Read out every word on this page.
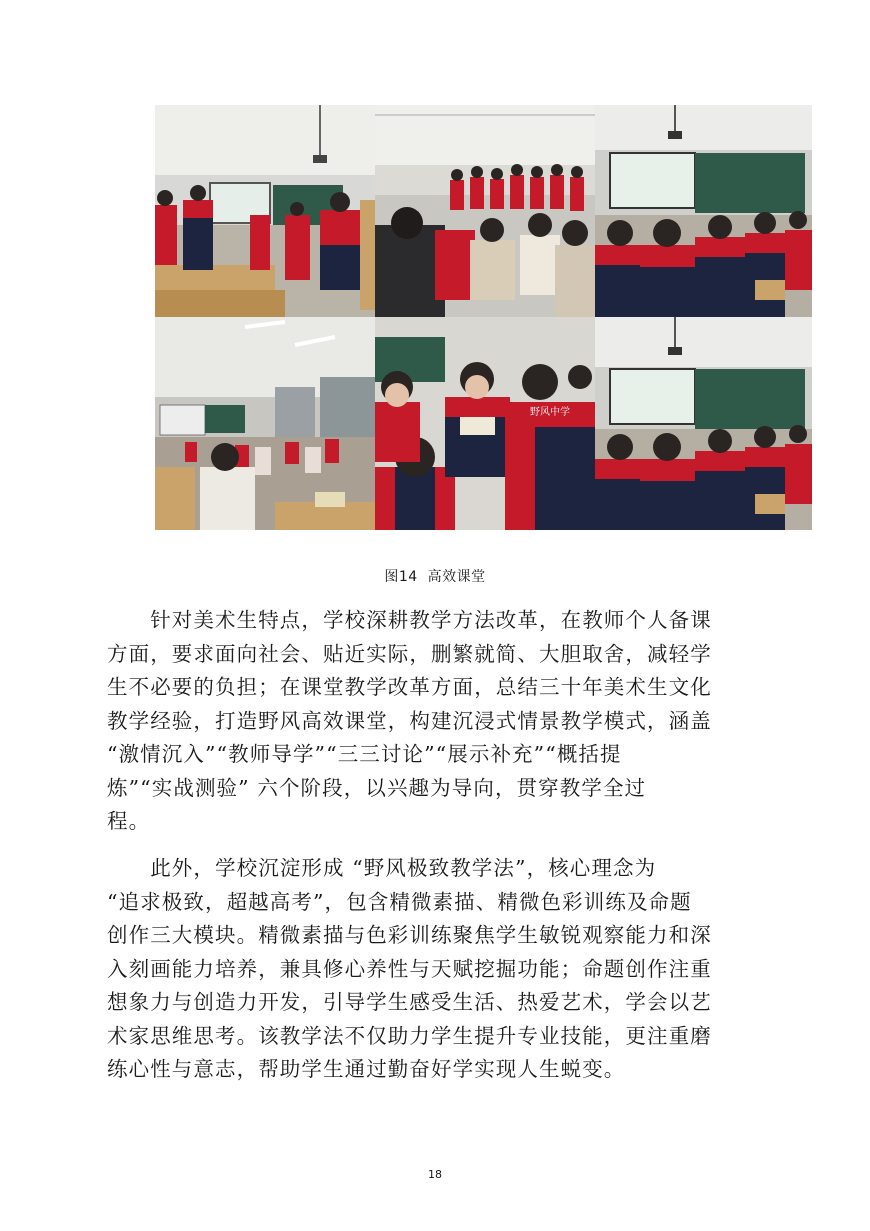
野风中学
图14 高效课堂
　　针对美术生特点，学校深耕教学方法改革，在教师个人备课
方面，要求面向社会、贴近实际，删繁就简、大胆取舍，减轻学
生不必要的负担；在课堂教学改革方面，总结三十年美术生文化
教学经验，打造野风高效课堂，构建沉浸式情景教学模式，涵盖
“激情沉入”“教师导学”“三三讨论”“展示补充”“概括提
炼”“实战测验” 六个阶段，以兴趣为导向，贯穿教学全过
程。
　　此外，学校沉淀形成 “野风极致教学法”，核心理念为
“追求极致，超越高考”，包含精微素描、精微色彩训练及命题
创作三大模块。精微素描与色彩训练聚焦学生敏锐观察能力和深
入刻画能力培养，兼具修心养性与天赋挖掘功能；命题创作注重
想象力与创造力开发，引导学生感受生活、热爱艺术，学会以艺
术家思维思考。该教学法不仅助力学生提升专业技能，更注重磨
练心性与意志，帮助学生通过勤奋好学实现人生蜕变。
18
